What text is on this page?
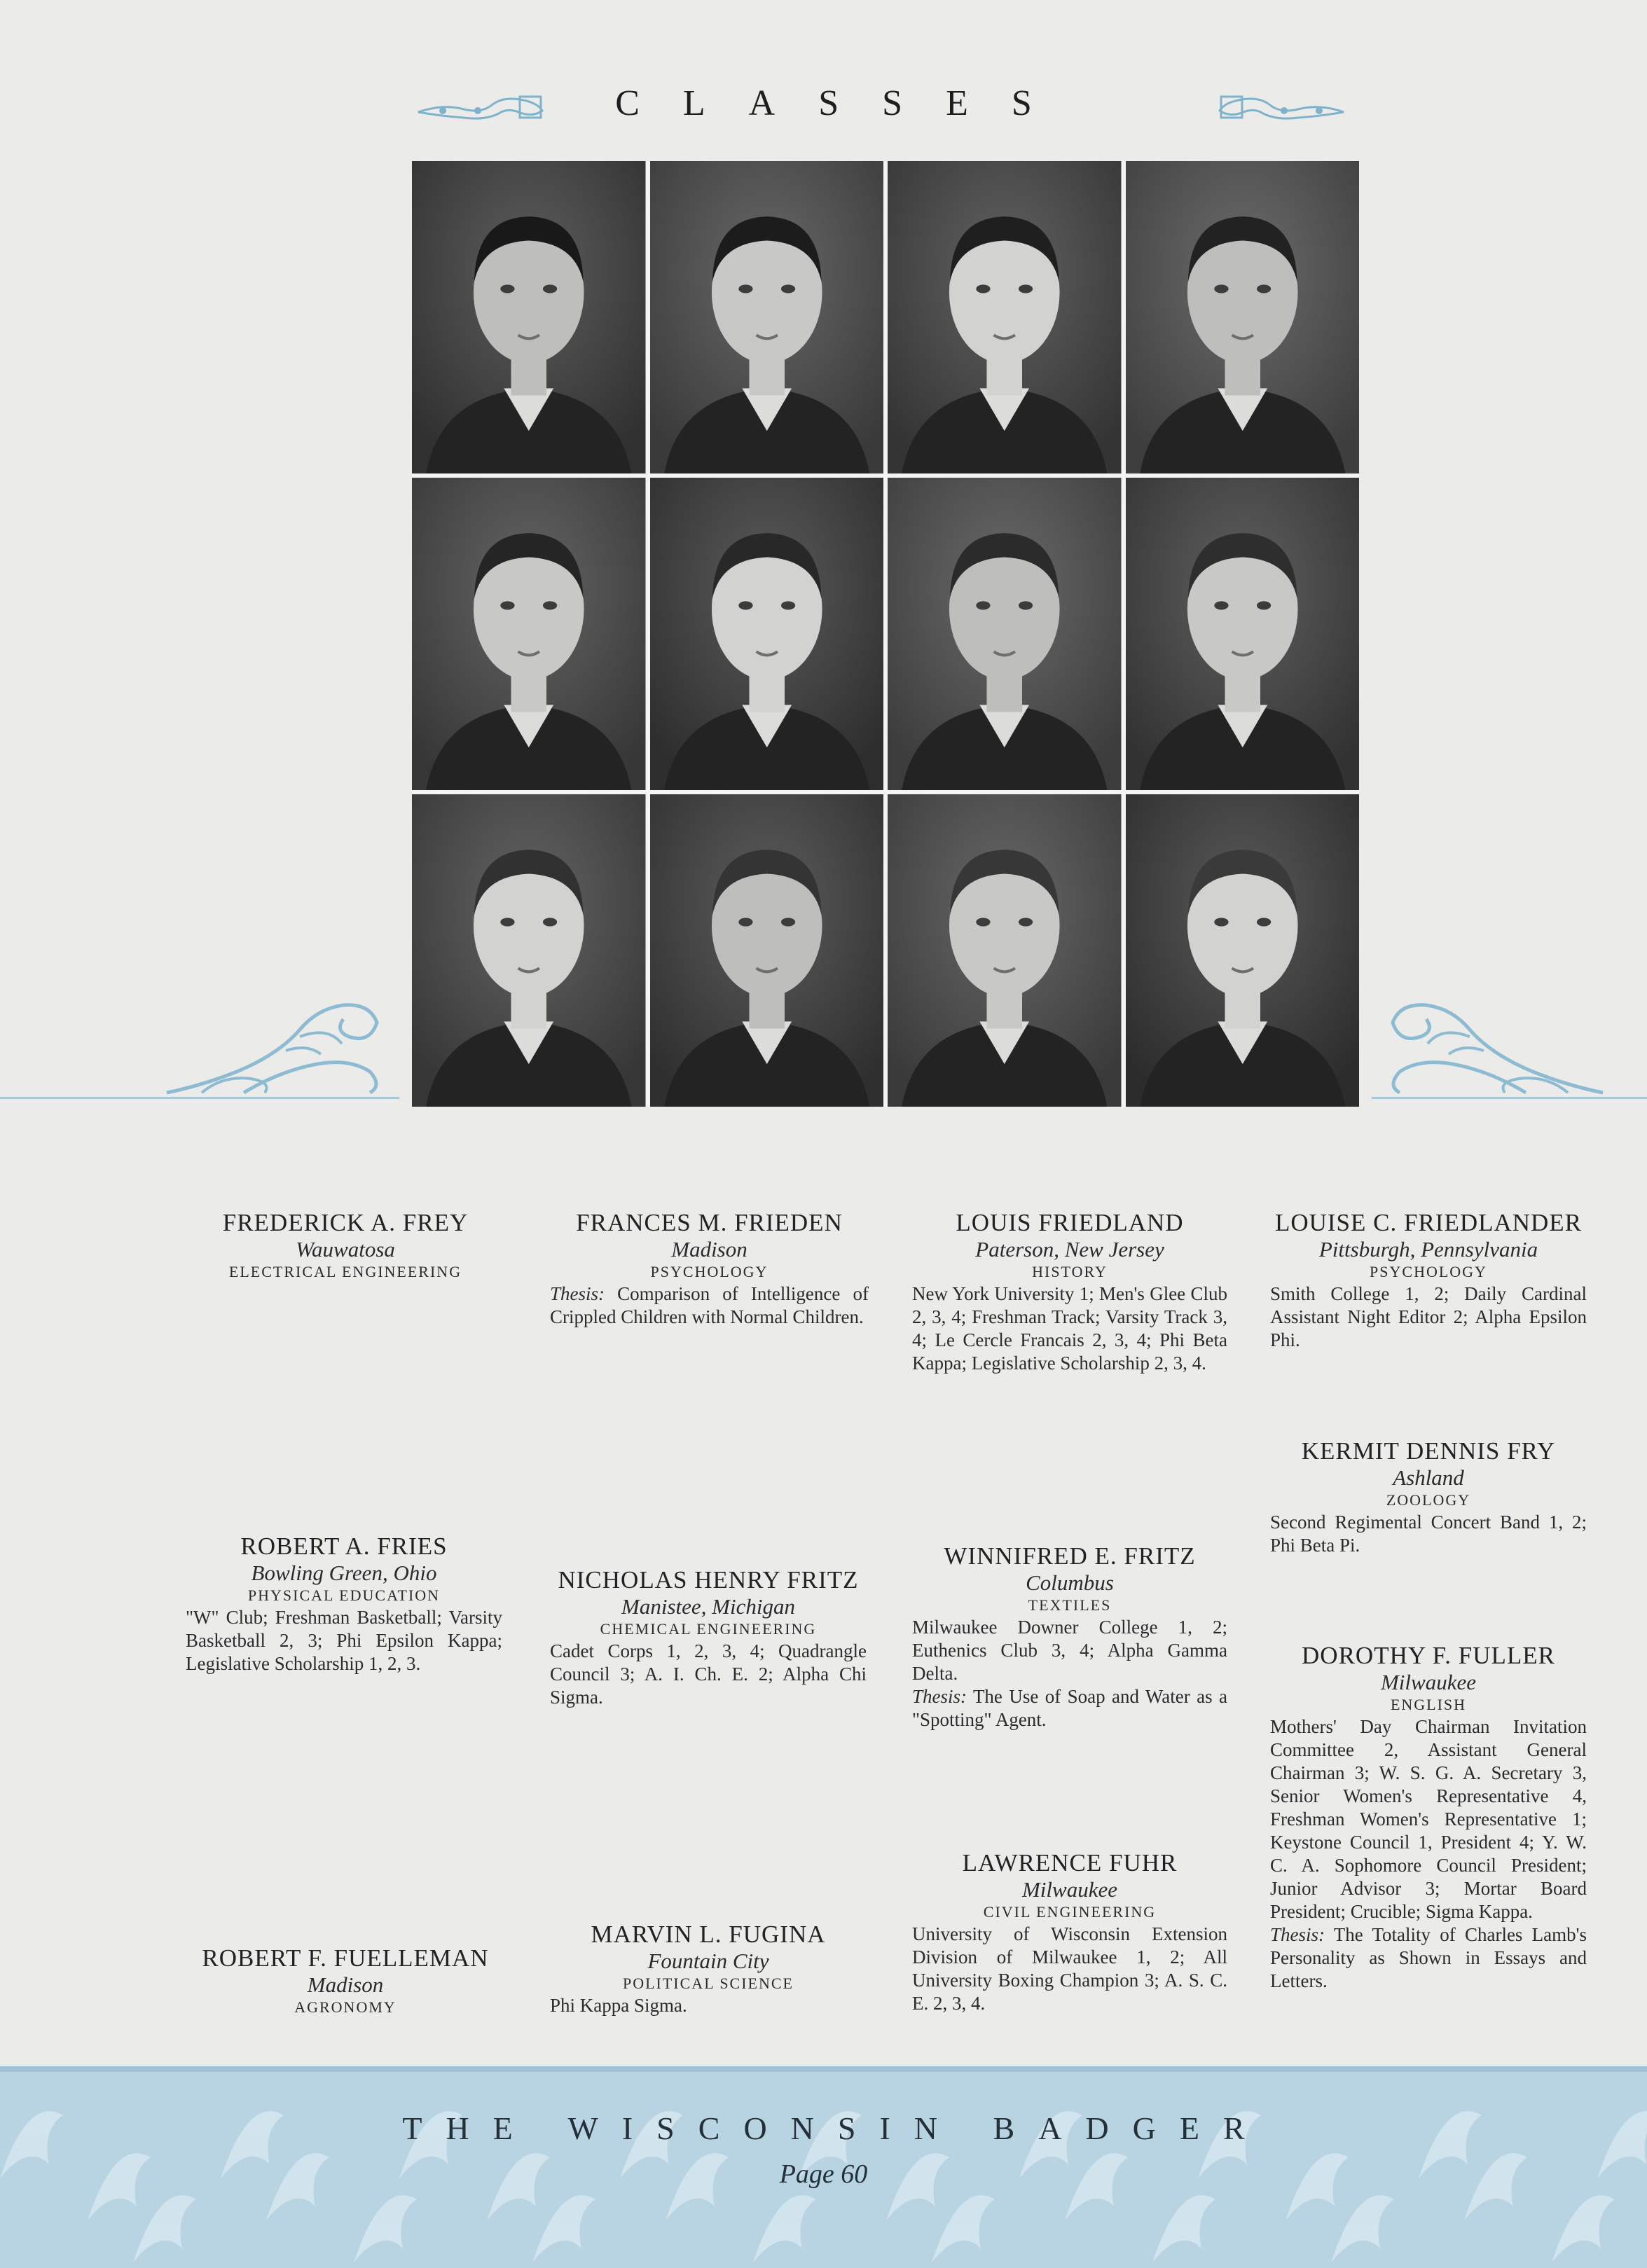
CLASSES
FREDERICK A. FREY
Wauwatosa
ELECTRICAL ENGINEERING
FRANCES M. FRIEDEN
Madison
PSYCHOLOGY
Thesis: Comparison of Intelligence of Crippled Children with Normal Children.
LOUIS FRIEDLAND
Paterson, New Jersey
HISTORY
New York University 1; Men's Glee Club 2, 3, 4; Freshman Track; Varsity Track 3, 4; Le Cercle Francais 2, 3, 4; Phi Beta Kappa; Legislative Scholarship 2, 3, 4.
LOUISE C. FRIEDLANDER
Pittsburgh, Pennsylvania
PSYCHOLOGY
Smith College 1, 2; Daily Cardinal Assistant Night Editor 2; Alpha Epsilon Phi.
KERMIT DENNIS FRY
Ashland
ZOOLOGY
Second Regimental Concert Band 1, 2; Phi Beta Pi.
ROBERT A. FRIES
Bowling Green, Ohio
PHYSICAL EDUCATION
"W" Club; Freshman Basketball; Varsity Basketball 2, 3; Phi Epsilon Kappa; Legislative Scholarship 1, 2, 3.
NICHOLAS HENRY FRITZ
Manistee, Michigan
CHEMICAL ENGINEERING
Cadet Corps 1, 2, 3, 4; Quadrangle Council 3; A. I. Ch. E. 2; Alpha Chi Sigma.
WINNIFRED E. FRITZ
Columbus
TEXTILES
Milwaukee Downer College 1, 2; Euthenics Club 3, 4; Alpha Gamma Delta.
Thesis: The Use of Soap and Water as a "Spotting" Agent.
DOROTHY F. FULLER
Milwaukee
ENGLISH
Mothers' Day Chairman Invitation Committee 2, Assistant General Chairman 3; W. S. G. A. Secretary 3, Senior Women's Representative 4, Freshman Women's Representative 1; Keystone Council 1, President 4; Y. W. C. A. Sophomore Council President; Junior Advisor 3; Mortar Board President; Crucible; Sigma Kappa.
Thesis: The Totality of Charles Lamb's Personality as Shown in Essays and Letters.
LAWRENCE FUHR
Milwaukee
CIVIL ENGINEERING
University of Wisconsin Extension Division of Milwaukee 1, 2; All University Boxing Champion 3; A. S. C. E. 2, 3, 4.
MARVIN L. FUGINA
Fountain City
POLITICAL SCIENCE
Phi Kappa Sigma.
ROBERT F. FUELLEMAN
Madison
AGRONOMY
THE WISCONSIN BADGER
Page 60
